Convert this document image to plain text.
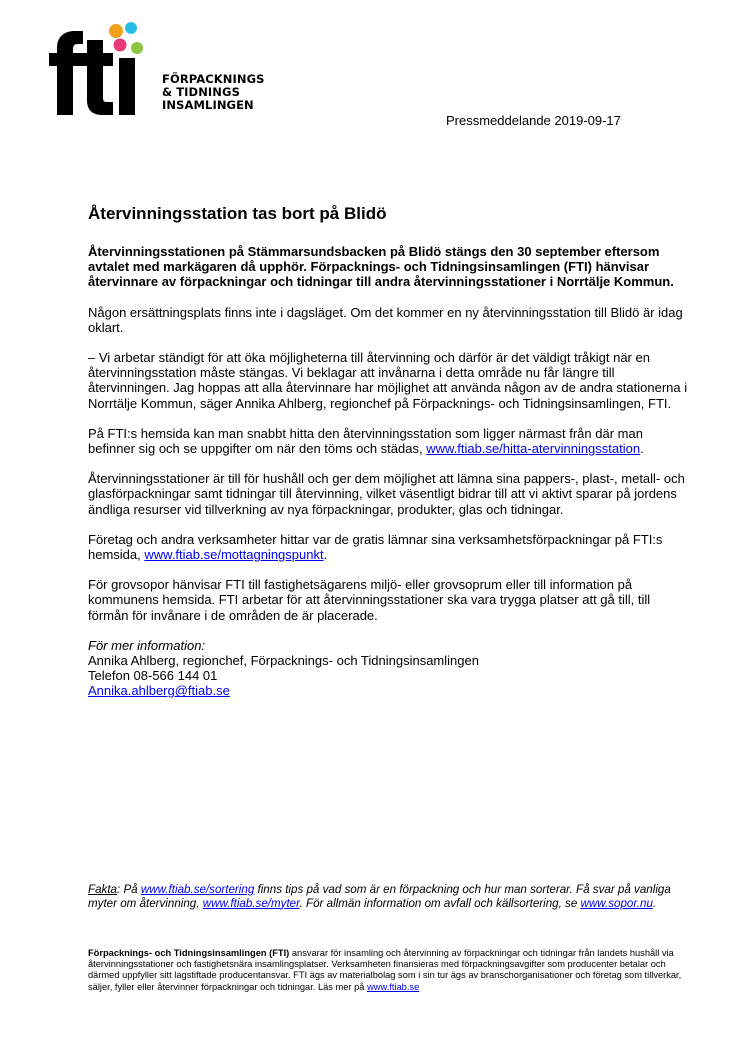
FÖRPACKNINGS
& TIDNINGS
INSAMLINGEN
Pressmeddelande 2019-09-17
Återvinningsstation tas bort på Blidö

Återvinningsstationen på Stämmarsundsbacken på Blidö stängs den 30 september eftersom avtalet med markägaren då upphör. Förpacknings- och Tidningsinsamlingen (FTI) hänvisar återvinnare av förpackningar och tidningar till andra återvinningsstationer i Norrtälje Kommun.

Någon ersättningsplats finns inte i dagsläget. Om det kommer en ny återvinningsstation till Blidö är idag oklart.

– Vi arbetar ständigt för att öka möjligheterna till återvinning och därför är det väldigt tråkigt när en återvinningsstation måste stängas. Vi beklagar att invånarna i detta område nu får längre till återvinningen. Jag hoppas att alla återvinnare har möjlighet att använda någon av de andra stationerna i Norrtälje Kommun, säger Annika Ahlberg, regionchef på Förpacknings- och Tidningsinsamlingen, FTI.

På FTI:s hemsida kan man snabbt hitta den återvinningsstation som ligger närmast från där man befinner sig och se uppgifter om när den töms och städas, www.ftiab.se/hitta-atervinningsstation.

Återvinningsstationer är till för hushåll och ger dem möjlighet att lämna sina pappers-, plast-, metall- och glasförpackningar samt tidningar till återvinning, vilket väsentligt bidrar till att vi aktivt sparar på jordens ändliga resurser vid tillverkning av nya förpackningar, produkter, glas och tidningar.

Företag och andra verksamheter hittar var de gratis lämnar sina verksamhetsförpackningar på FTI:s hemsida, www.ftiab.se/mottagningspunkt.

För grovsopor hänvisar FTI till fastighetsägarens miljö- eller grovsoprum eller till information på kommunens hemsida. FTI arbetar för att återvinningsstationer ska vara trygga platser att gå till, till förmån för invånare i de områden de är placerade.

För mer information:
Annika Ahlberg, regionchef, Förpacknings- och Tidningsinsamlingen
Telefon 08-566 144 01
Annika.ahlberg@ftiab.se

Fakta: På www.ftiab.se/sortering finns tips på vad som är en förpackning och hur man sorterar. Få svar på vanliga myter om återvinning, www.ftiab.se/myter. För allmän information om avfall och källsortering, se www.sopor.nu.
Förpacknings- och Tidningsinsamlingen (FTI) ansvarar för insamling och återvinning av förpackningar och tidningar från landets hushåll via återvinningsstationer och fastighetsnära insamlingsplatser. Verksamheten finansieras med förpackningsavgifter som producenter betalar och därmed uppfyller sitt lagstiftade producentansvar. FTI ägs av materialbolag som i sin tur ägs av branschorganisationer och företag som tillverkar, säljer, fyller eller återvinner förpackningar och tidningar. Läs mer på www.ftiab.se
